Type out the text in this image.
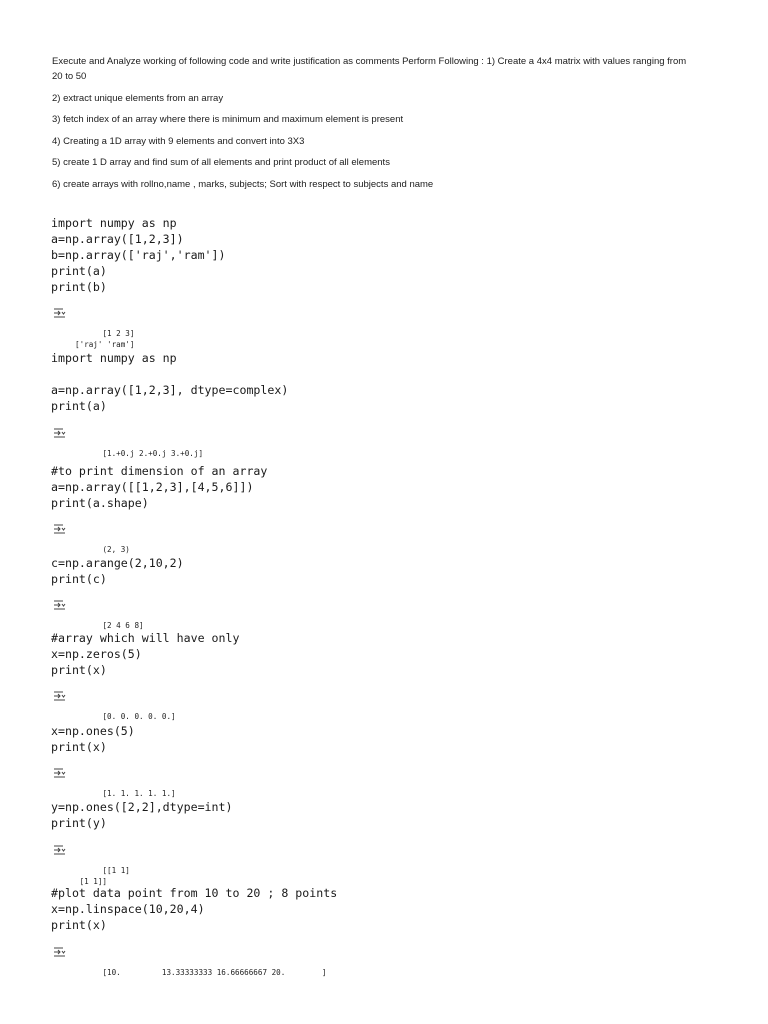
Execute and Analyze working of following code and write justification as comments Perform Following : 1) Create a 4x4 matrix with values ranging from 20 to 50

2) extract unique elements from an array

3) fetch index of an array where there is minimum and maximum element is present

4) Creating a 1D array with 9 elements and convert into 3X3

5) create 1 D array and find sum of all elements and print product of all elements

6) create arrays with rollno,name , marks, subjects; Sort with respect to subjects and name

import numpy as np
a=np.array([1,2,3])
b=np.array(['raj','ram'])
print(a)
print(b)

[1 2 3]
['raj' 'ram']

import numpy as np

a=np.array([1,2,3], dtype=complex)
print(a)

[1.+0.j 2.+0.j 3.+0.j]

#to print dimension of an array
a=np.array([[1,2,3],[4,5,6]])
print(a.shape)

(2, 3)

c=np.arange(2,10,2)
print(c)

[2 4 6 8]

#array which will have only
x=np.zeros(5)
print(x)

[0. 0. 0. 0. 0.]

x=np.ones(5)
print(x)

[1. 1. 1. 1. 1.]

y=np.ones([2,2],dtype=int)
print(y)

[[1 1]
[1 1]]

#plot data point from 10 to 20 ; 8 points
x=np.linspace(10,20,4)
print(x)

[10.         13.33333333 16.66666667 20.        ]
